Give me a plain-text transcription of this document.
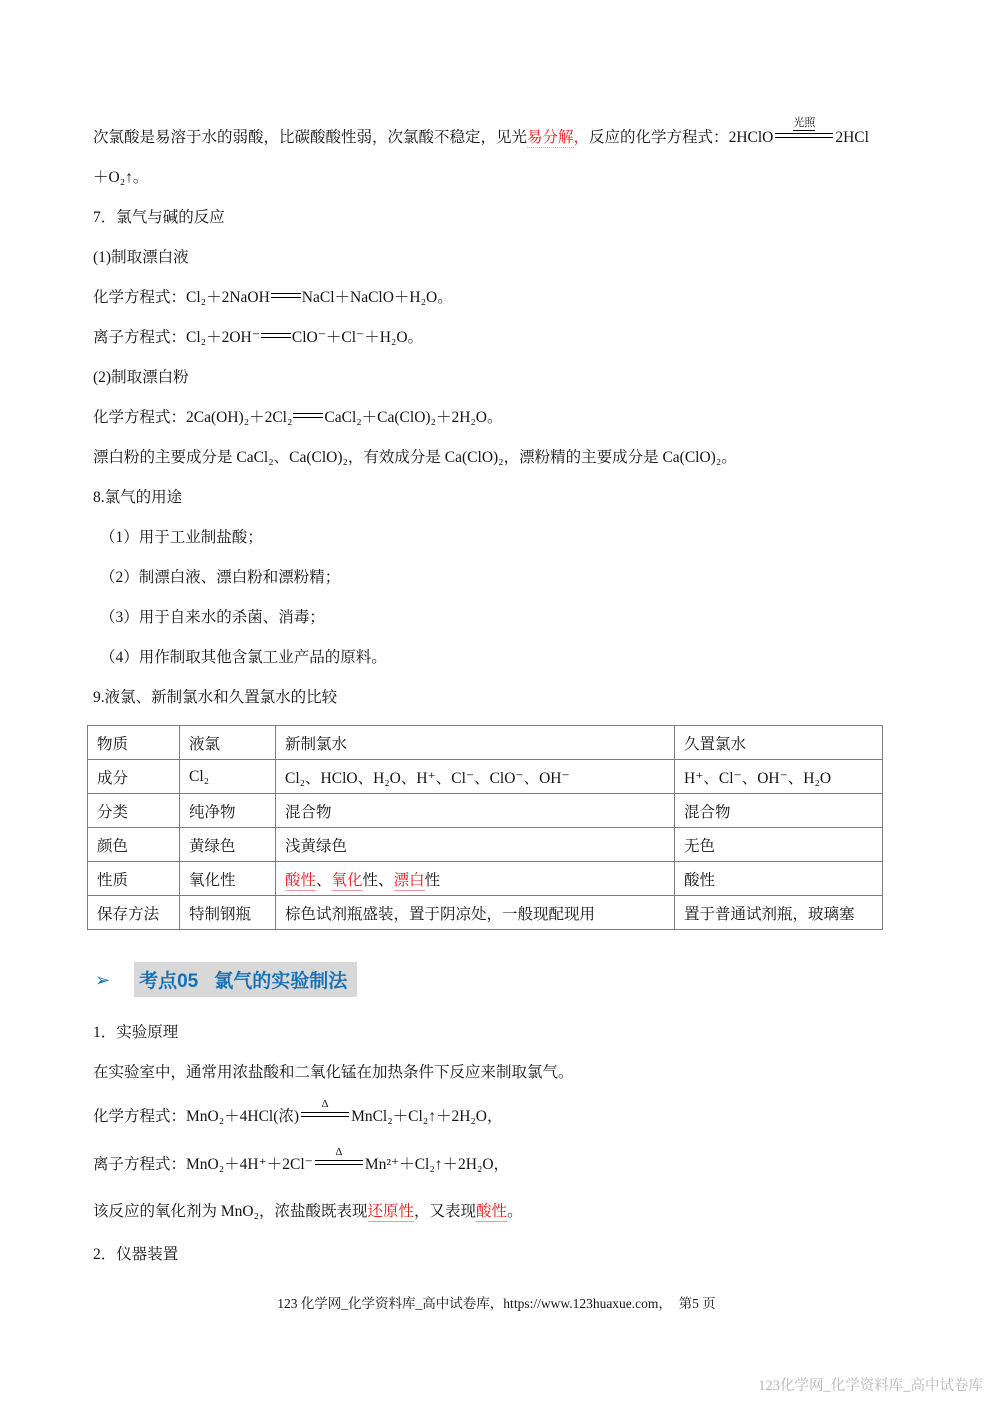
次氯酸是易溶于水的弱酸，比碳酸酸性弱，次氯酸不稳定，见光易分解，反应的化学方程式：2HClO
光照
2HCl

＋O₂↑。

7．氯气与碱的反应

(1)制取漂白液

化学方程式：Cl₂＋2NaOH NaCl＋NaClO＋H₂O。

离子方程式：Cl₂＋2OH⁻ ClO⁻＋Cl⁻＋H₂O。

(2)制取漂白粉

化学方程式：2Ca(OH)₂＋2Cl₂ CaCl₂＋Ca(ClO)₂＋2H₂O。

漂白粉的主要成分是 CaCl₂、Ca(ClO)₂，有效成分是 Ca(ClO)₂，漂粉精的主要成分是 Ca(ClO)₂。

8.氯气的用途

（1）用于工业制盐酸；

（2）制漂白液、漂白粉和漂粉精；

（3）用于自来水的杀菌、消毒；

（4）用作制取其他含氯工业产品的原料。

9.液氯、新制氯水和久置氯水的比较

物质	液氯	新制氯水	久置氯水
成分	Cl₂	Cl₂、HClO、H₂O、H⁺、Cl⁻、ClO⁻、OH⁻	H⁺、Cl⁻、OH⁻、H₂O
分类	纯净物	混合物	混合物
颜色	黄绿色	浅黄绿色	无色
性质	氧化性	酸性、氧化性、漂白性	酸性
保存方法	特制钢瓶	棕色试剂瓶盛装，置于阴凉处，一般现配现用	置于普通试剂瓶，玻璃塞
➢ 考点05 氯气的实验制法

1．实验原理

在实验室中，通常用浓盐酸和二氧化锰在加热条件下反应来制取氯气。

化学方程式：MnO₂＋4HCl(浓)
Δ
MnCl₂＋Cl₂↑＋2H₂O，

离子方程式：MnO₂＋4H⁺＋2Cl⁻
Δ
Mn²⁺＋Cl₂↑＋2H₂O，

该反应的氧化剂为 MnO₂，浓盐酸既表现还原性，又表现酸性。

2．仪器装置

123 化学网_化学资料库_高中试卷库，https://www.123huaxue.com，  第5 页
123化学网_化学资料库_高中试卷库
